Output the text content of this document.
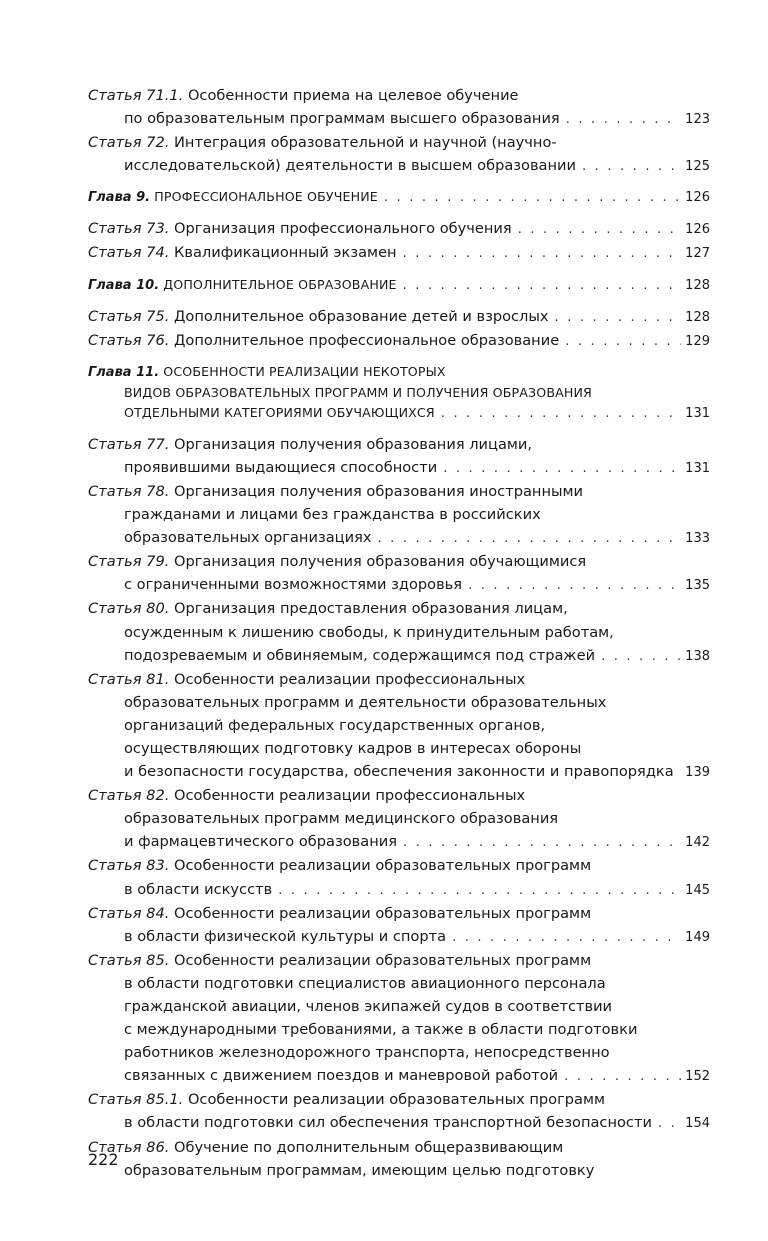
Статья 71.1.
Особенности приема на целевое обучение
по образовательным программам высшего образования . . .	123
Статья 72.
Интеграция образовательной и научной (научно-
исследовательской) деятельности в высшем образовании . . .	125
Глава 9.
ПРОФЕССИОНАЛЬНОЕ ОБУЧЕНИЕ . . .	126
Статья 73.
Организация профессионального обучения . . .	126
Статья 74.
Квалификационный экзамен . . .	127
Глава 10.
ДОПОЛНИТЕЛЬНОЕ ОБРАЗОВАНИЕ . . .	128
Статья 75.
Дополнительное образование детей и взрослых . . .	128
Статья 76.
Дополнительное профессиональное образование . . .	129
Глава 11.
ОСОБЕННОСТИ РЕАЛИЗАЦИИ НЕКОТОРЫХ
ВИДОВ ОБРАЗОВАТЕЛЬНЫХ ПРОГРАММ И ПОЛУЧЕНИЯ ОБРАЗОВАНИЯ
ОТДЕЛЬНЫМИ КАТЕГОРИЯМИ ОБУЧАЮЩИХСЯ . . .	131
Статья 77.
Организация получения образования лицами,
проявившими выдающиеся способности . . .	131
Статья 78.
Организация получения образования иностранными
гражданами и лицами без гражданства в российских
образовательных организациях . . .	133
Статья 79.
Организация получения образования обучающимися
с ограниченными возможностями здоровья . . .	135
Статья 80.
Организация предоставления образования лицам,
осужденным к лишению свободы, к принудительным работам,
подозреваемым и обвиняемым, содержащимся под стражей . . .	138
Статья 81.
Особенности реализации профессиональных
образовательных программ и деятельности образовательных
организаций федеральных государственных органов,
осуществляющих подготовку кадров в интересах обороны
и безопасности государства, обеспечения законности и правопорядка . . . 139
Статья 82.
Особенности реализации профессиональных
образовательных программ медицинского образования
и фармацевтического образования . . .	142
Статья 83.
Особенности реализации образовательных программ
в области искусств . . .	145
Статья 84.
Особенности реализации образовательных программ
в области физической культуры и спорта . . .	149
Статья 85.
Особенности реализации образовательных программ
в области подготовки специалистов авиационного персонала
гражданской авиации, членов экипажей судов в соответствии
с международными требованиями, а также в области подготовки
работников железнодорожного транспорта, непосредственно
связанных с движением поездов и маневровой работой . . .	152
Статья 85.1.
Особенности реализации образовательных программ
в области подготовки сил обеспечения транспортной безопасности . . .	154
Статья 86.
Обучение по дополнительным общеразвивающим
образовательным программам, имеющим целью подготовку
222
